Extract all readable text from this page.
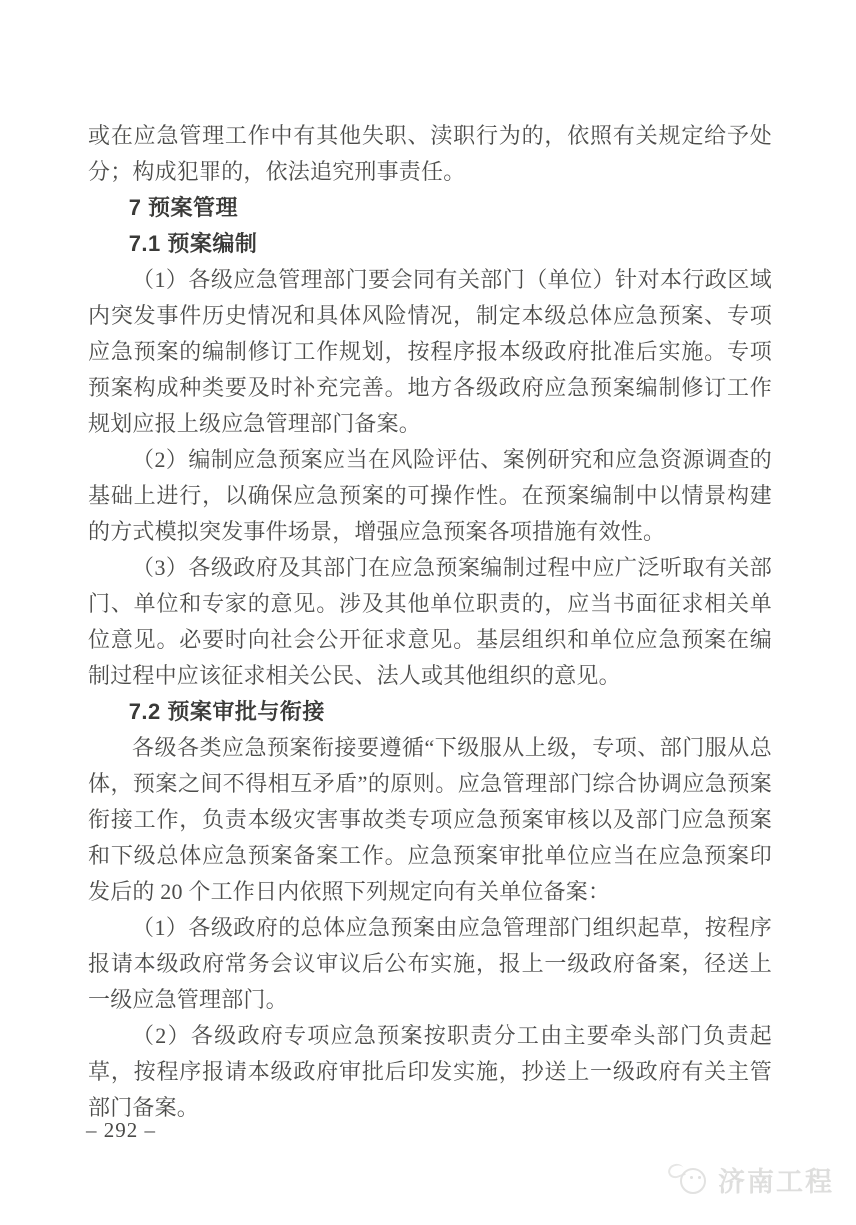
或在应急管理工作中有其他失职、渎职行为的，依照有关规定给予处分；构成犯罪的，依法追究刑事责任。

7 预案管理
7.1 预案编制

（1）各级应急管理部门要会同有关部门（单位）针对本行政区域内突发事件历史情况和具体风险情况，制定本级总体应急预案、专项应急预案的编制修订工作规划，按程序报本级政府批准后实施。专项预案构成种类要及时补充完善。地方各级政府应急预案编制修订工作规划应报上级应急管理部门备案。

（2）编制应急预案应当在风险评估、案例研究和应急资源调查的基础上进行，以确保应急预案的可操作性。在预案编制中以情景构建的方式模拟突发事件场景，增强应急预案各项措施有效性。

（3）各级政府及其部门在应急预案编制过程中应广泛听取有关部门、单位和专家的意见。涉及其他单位职责的，应当书面征求相关单位意见。必要时向社会公开征求意见。基层组织和单位应急预案在编制过程中应该征求相关公民、法人或其他组织的意见。

7.2 预案审批与衔接

各级各类应急预案衔接要遵循“下级服从上级，专项、部门服从总体，预案之间不得相互矛盾”的原则。应急管理部门综合协调应急预案衔接工作，负责本级灾害事故类专项应急预案审核以及部门应急预案和下级总体应急预案备案工作。应急预案审批单位应当在应急预案印发后的 20 个工作日内依照下列规定向有关单位备案：

（1）各级政府的总体应急预案由应急管理部门组织起草，按程序报请本级政府常务会议审议后公布实施，报上一级政府备案，径送上一级应急管理部门。

（2）各级政府专项应急预案按职责分工由主要牵头部门负责起草，按程序报请本级政府审批后印发实施，抄送上一级政府有关主管部门备案。

– 292 –
济南工程
